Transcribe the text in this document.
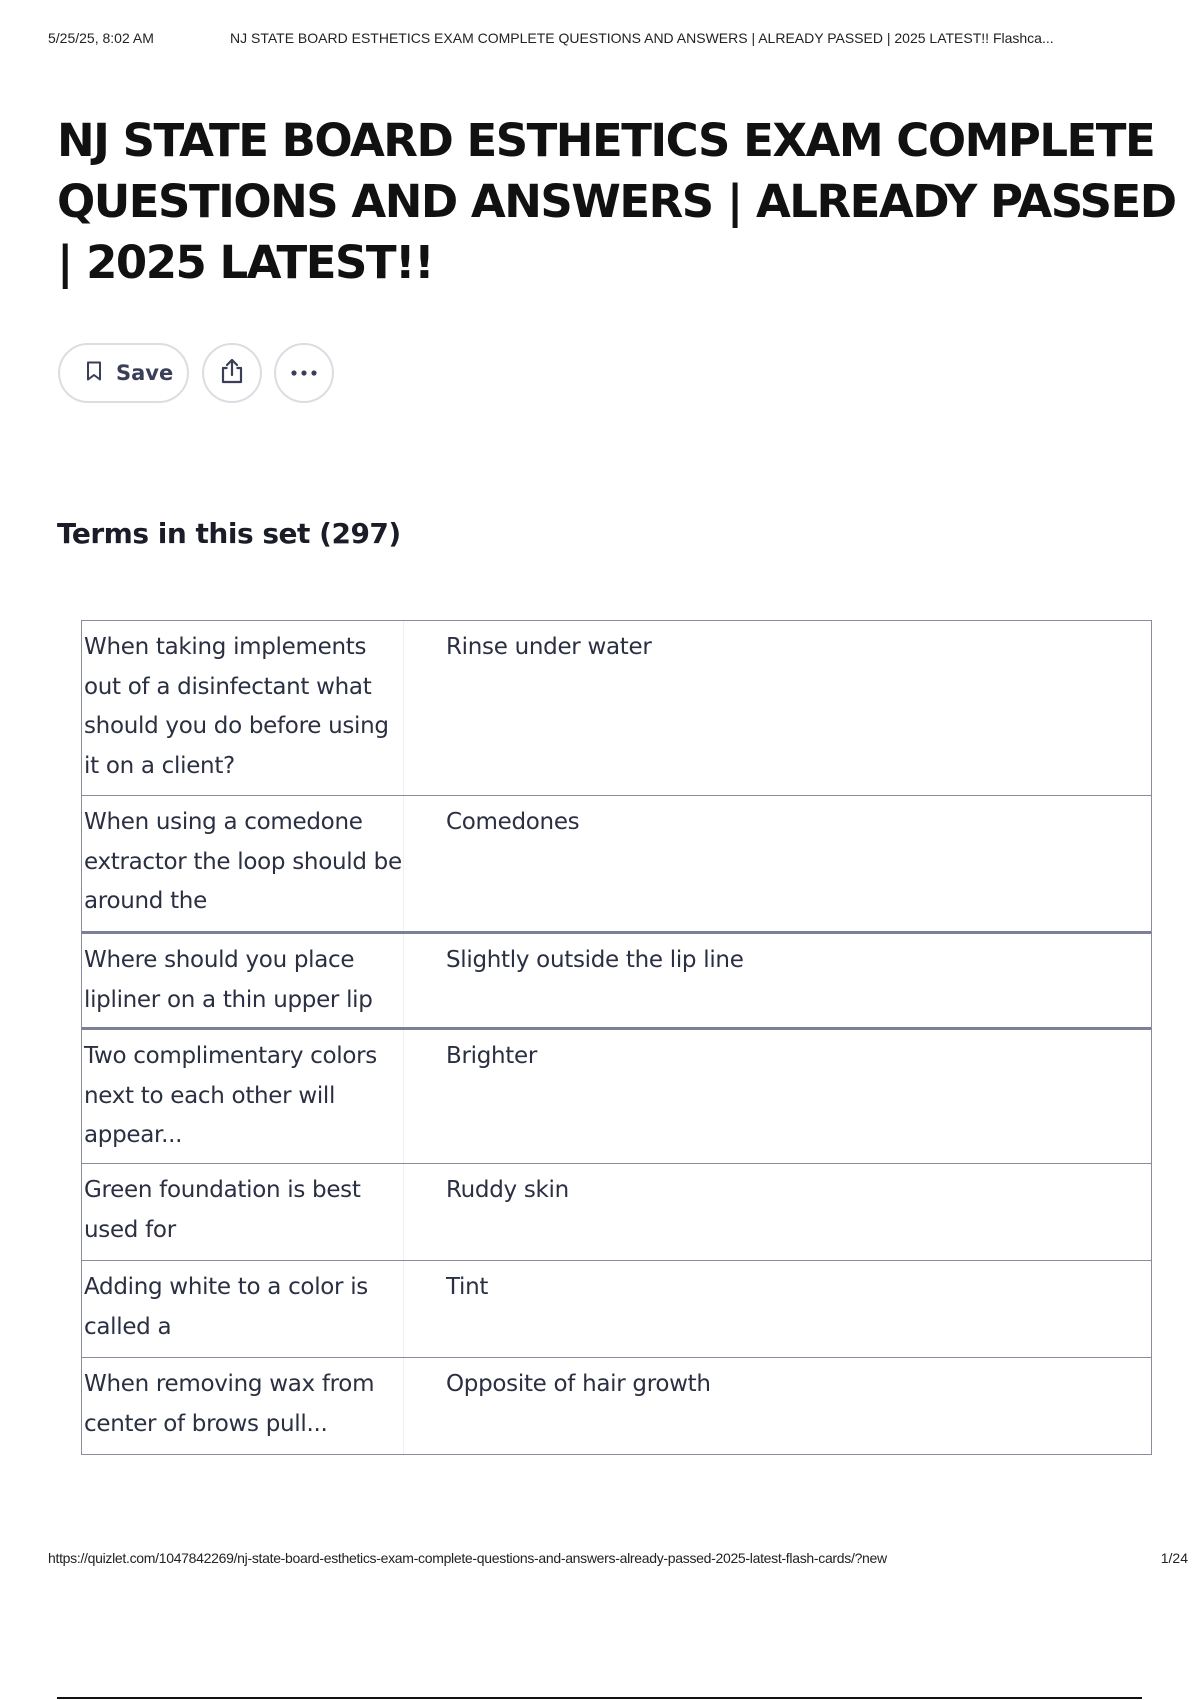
5/25/25, 8:02 AM	NJ STATE BOARD ESTHETICS EXAM COMPLETE QUESTIONS AND ANSWERS | ALREADY PASSED | 2025 LATEST!! Flashca...
NJ STATE BOARD ESTHETICS EXAM COMPLETE QUESTIONS AND ANSWERS | ALREADY PASSED | 2025 LATEST!!
Save
Terms in this set (297)
When taking implements out of a disinfectant what should you do before using it on a client?
Rinse under water
When using a comedone extractor the loop should be around the
Comedones
Where should you place lipliner on a thin upper lip
Slightly outside the lip line
Two complimentary colors next to each other will appear...
Brighter
Green foundation is best used for
Ruddy skin
Adding white to a color is called a
Tint
When removing wax from center of brows pull...
Opposite of hair growth
https://quizlet.com/1047842269/nj-state-board-esthetics-exam-complete-questions-and-answers-already-passed-2025-latest-flash-cards/?new	1/24
